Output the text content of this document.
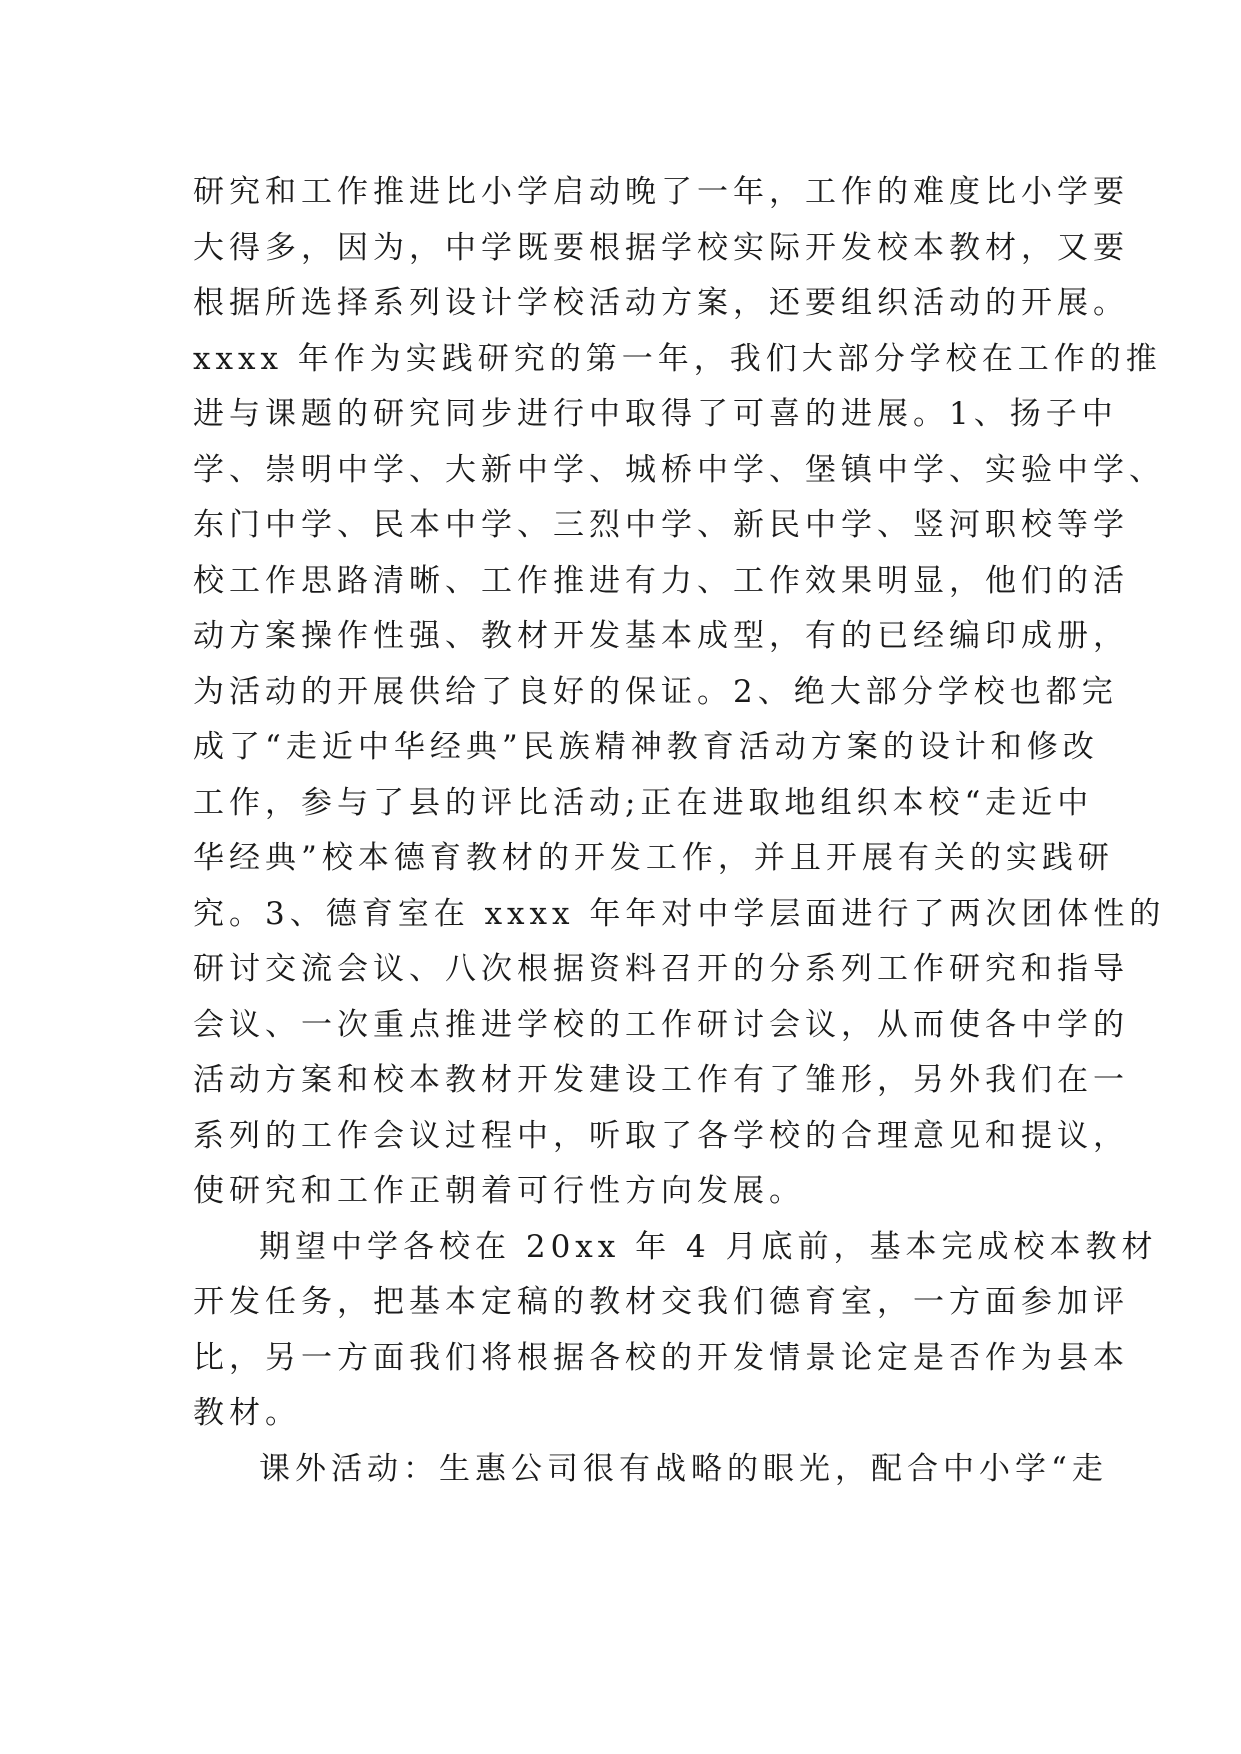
研究和工作推进比小学启动晚了一年，工作的难度比小学要
大得多，因为，中学既要根据学校实际开发校本教材，又要
根据所选择系列设计学校活动方案，还要组织活动的开展。
xxxx 年作为实践研究的第一年，我们大部分学校在工作的推
进与课题的研究同步进行中取得了可喜的进展。1、扬子中
学、崇明中学、大新中学、城桥中学、堡镇中学、实验中学、
东门中学、民本中学、三烈中学、新民中学、竖河职校等学
校工作思路清晰、工作推进有力、工作效果明显，他们的活
动方案操作性强、教材开发基本成型，有的已经编印成册，
为活动的开展供给了良好的保证。2、绝大部分学校也都完
成了“走近中华经典”民族精神教育活动方案的设计和修改
工作，参与了县的评比活动;正在进取地组织本校“走近中
华经典”校本德育教材的开发工作，并且开展有关的实践研
究。3、德育室在 xxxx 年年对中学层面进行了两次团体性的
研讨交流会议、八次根据资料召开的分系列工作研究和指导
会议、一次重点推进学校的工作研讨会议，从而使各中学的
活动方案和校本教材开发建设工作有了雏形，另外我们在一
系列的工作会议过程中，听取了各学校的合理意见和提议，
使研究和工作正朝着可行性方向发展。
期望中学各校在 20xx 年 4 月底前，基本完成校本教材
开发任务，把基本定稿的教材交我们德育室，一方面参加评
比，另一方面我们将根据各校的开发情景论定是否作为县本
教材。
课外活动：生惠公司很有战略的眼光，配合中小学“走
